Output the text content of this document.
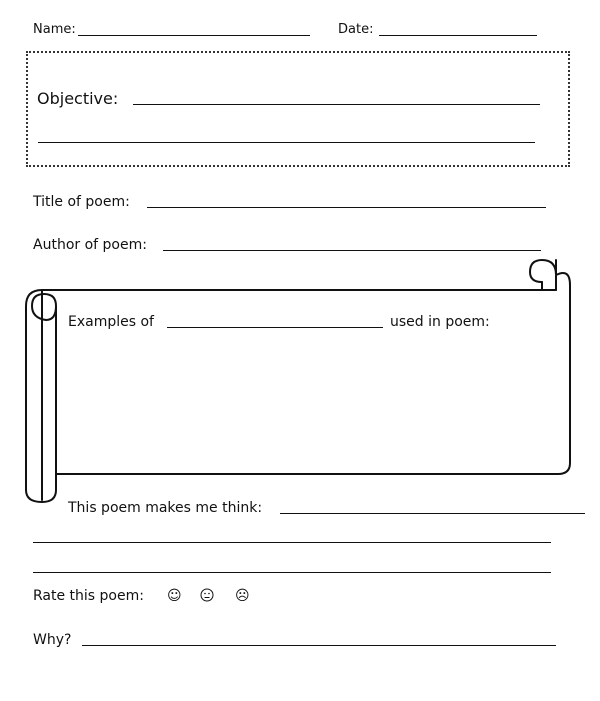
Name:	Date:
Objective:
Title of poem:
Author of poem:
Examples of	used in poem:
This poem makes me think:
Rate this poem: ☺	☹
Why?
